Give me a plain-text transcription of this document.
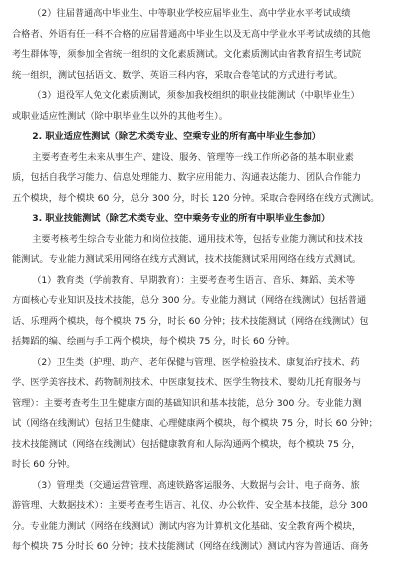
（2）往届普通高中毕业生、中等职业学校应届毕业生、高中学业水平考试成绩

合格者、外语有任一科不合格的应届普通高中毕业生以及无高中学业水平考试成绩的其他

考生群体等，须参加全省统一组织的文化素质测试。文化素质测试由省教育招生考试院

统一组织，测试包括语文、数学、英语三科内容，采取合卷笔试的方式进行考试。

（3）退役军人免文化素质测试，须参加我校组织的职业技能测试（中职毕业生）

或职业适应性测试（除中职毕业生以外的其他考生）。

2. 职业适应性测试（除艺术类专业、空乘专业的所有高中毕业生参加）

主要考查考生未来从事生产、建设、服务、管理等一线工作所必备的基本职业素

质，包括自我学习能力、信息处理能力、数字应用能力、沟通表达能力、团队合作能力

五个模块，每个模块 60 分，总分 300 分，时长 120 分钟。采取合卷网络在线方式测试。

3. 职业技能测试（除艺术类专业、空中乘务专业的所有中职毕业生参加）

主要考核考生综合专业能力和岗位技能、通用技术等，包括专业能力测试和技术技

能测试。专业能力测试采用网络在线方式测试，技术技能测试采用网络在线方式测试。

（1）教育类（学前教育、早期教育）：主要考查考生语言、音乐、舞蹈、美术等

方面核心专业知识及技术技能，总分 300 分。专业能力测试（网络在线测试）包括普通

话、乐理两个模块，每个模块 75 分，时长 60 分钟；技术技能测试（网络在线测试）包

括舞蹈的编、绘画与手工两个模块，每个模块 75 分，时长 60 分钟。

（2）卫生类（护理、助产、老年保健与管理、医学检验技术、康复治疗技术、药

学、医学美容技术、药物制剂技术、中医康复技术、医学生物技术、婴幼儿托育服务与

管理）：主要考查考生卫生健康方面的基础知识和基本技能，总分 300 分。专业能力测

试（网络在线测试）包括卫生健康、心理健康两个模块，每个模块 75 分，时长 60 分钟；

技术技能测试（网络在线测试）包括健康教育和人际沟通两个模块，每个模块 75 分，

时长 60 分钟。

（3）管理类（交通运营管理、高速铁路客运服务、大数据与会计、电子商务、旅

游管理、大数据技术）：主要考查考生语言、礼仪、办公软件、安全基本技能，总分 300

分。专业能力测试（网络在线测试）测试内容为计算机文化基础、安全教育两个模块，

每个模块 75 分时长 60 分钟；技术技能测试（网络在线测试）测试内容为普通话、商务
